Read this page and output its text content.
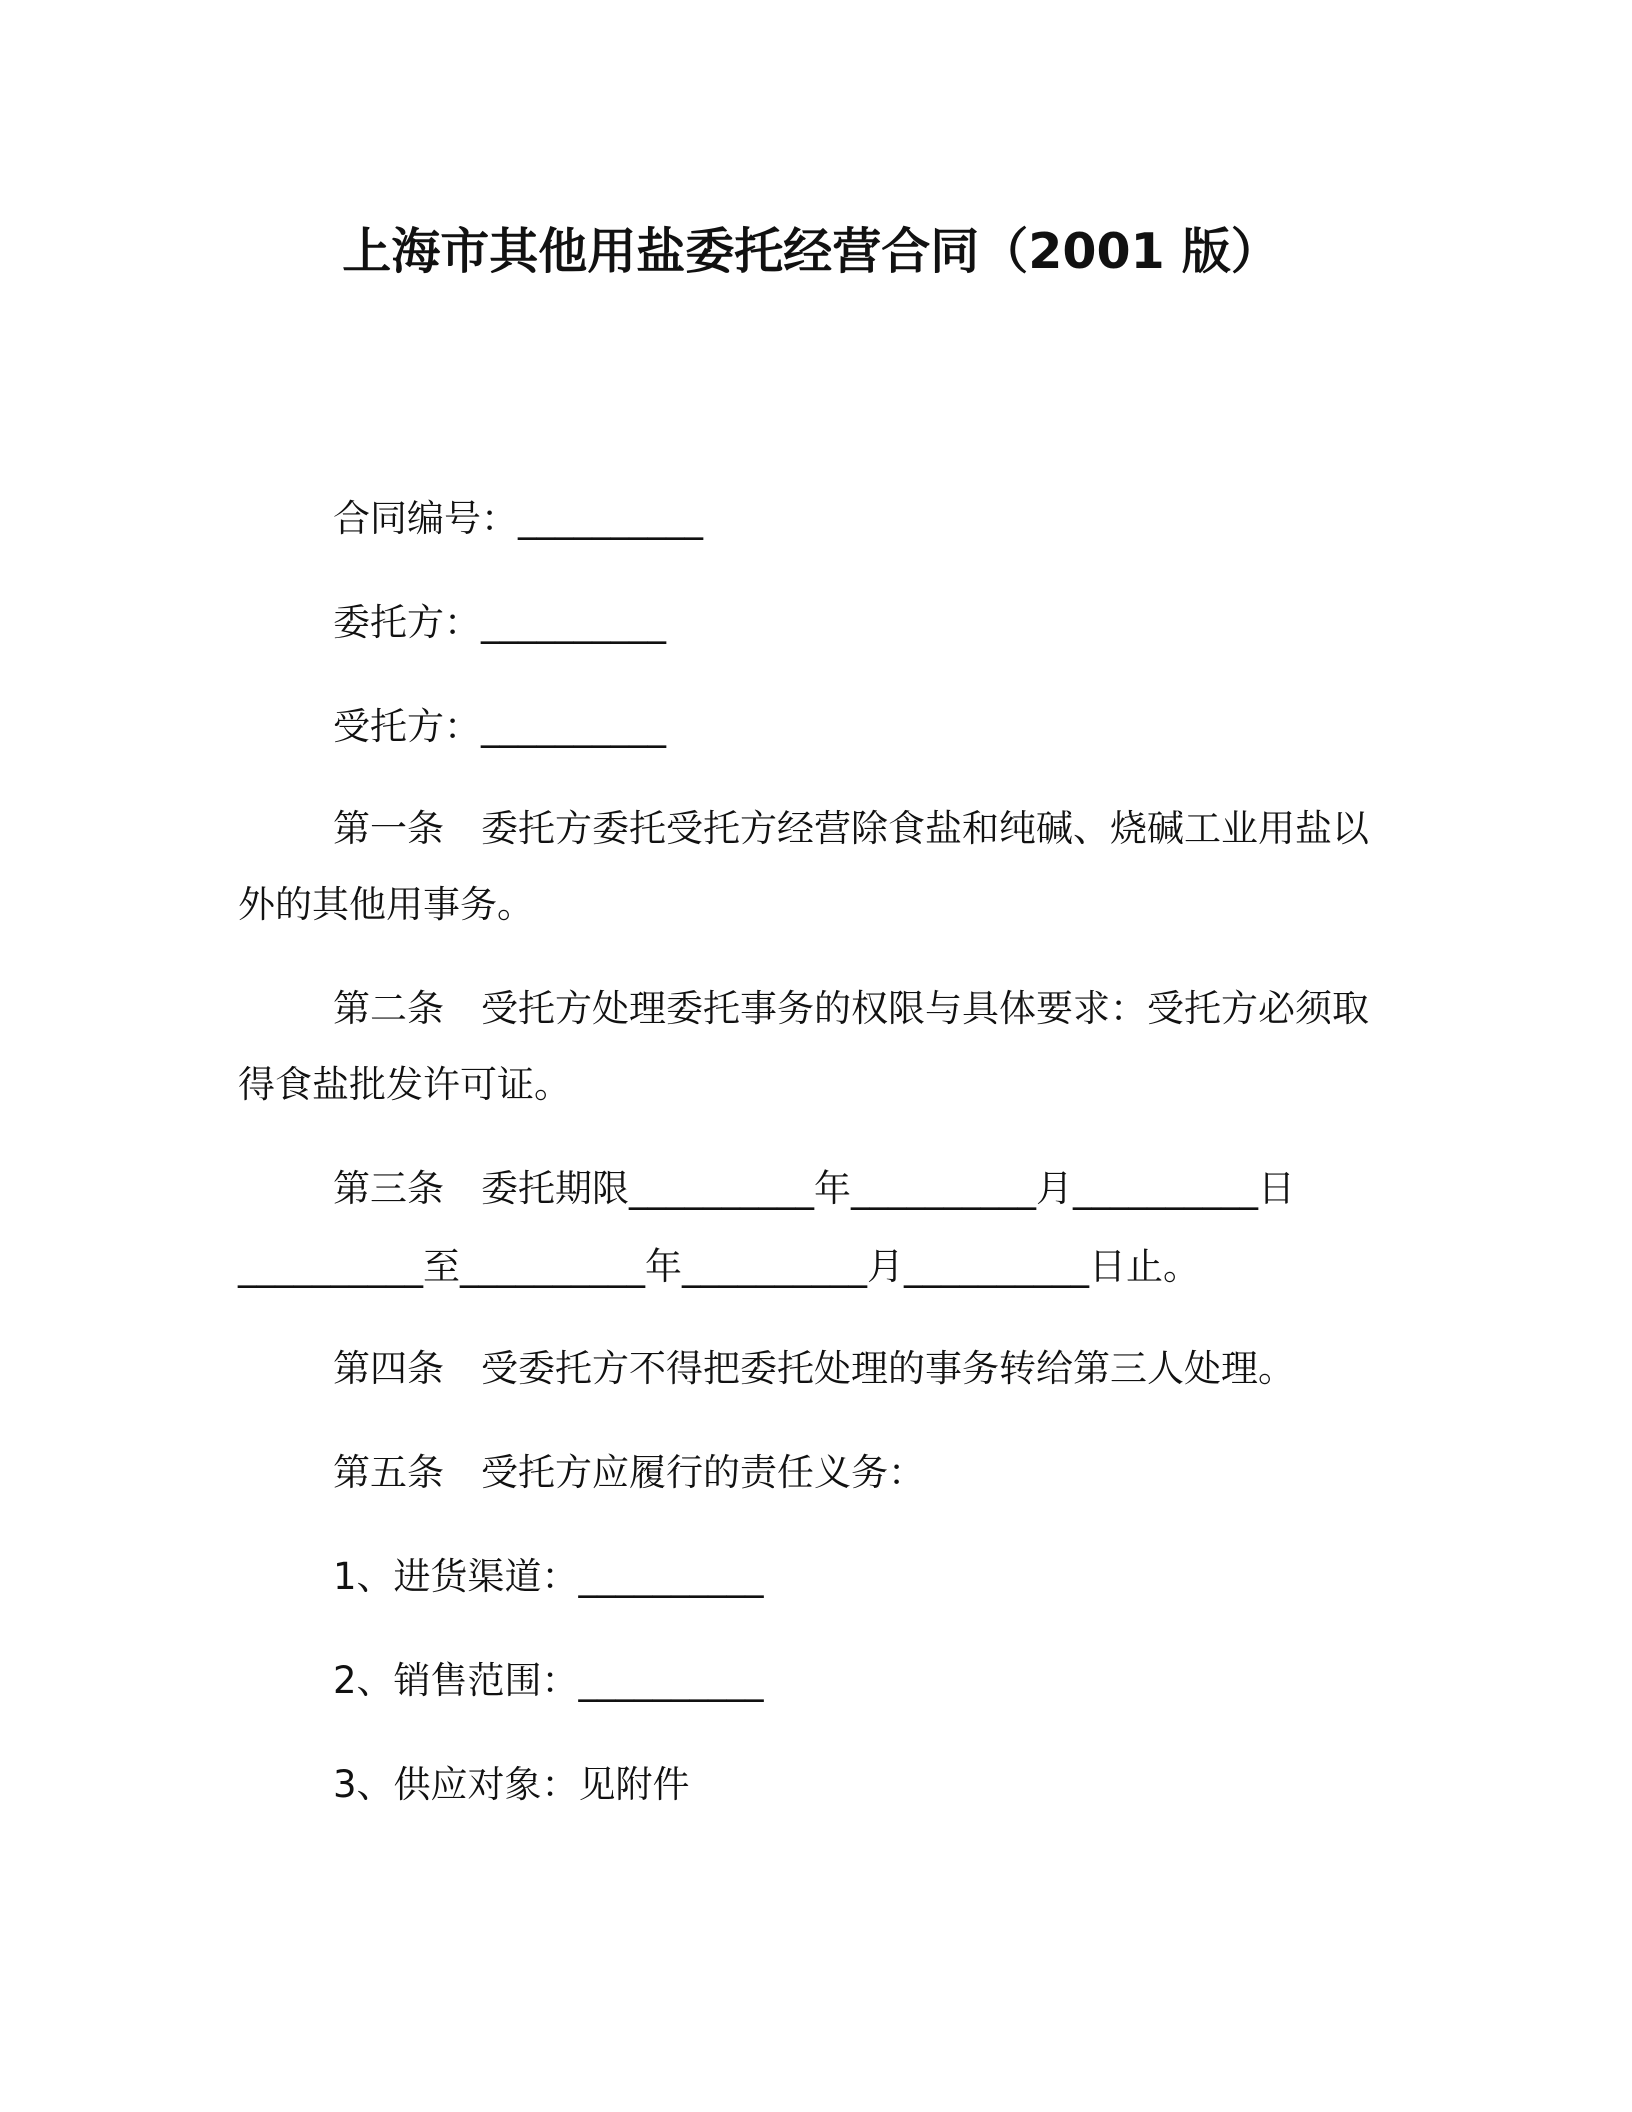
上海市其他用盐委托经营合同（2001 版）
合同编号：__________
委托方：__________
受托方：__________
第一条 委托方委托受托方经营除食盐和纯碱、烧碱工业用盐以
外的其他用事务。
第二条 受托方处理委托事务的权限与具体要求：受托方必须取
得食盐批发许可证。
第三条 委托期限__________年__________月__________日
__________至__________年__________月__________日止。
第四条 受委托方不得把委托处理的事务转给第三人处理。
第五条 受托方应履行的责任义务：
1、进货渠道：__________
2、销售范围：__________
3、供应对象：见附件
